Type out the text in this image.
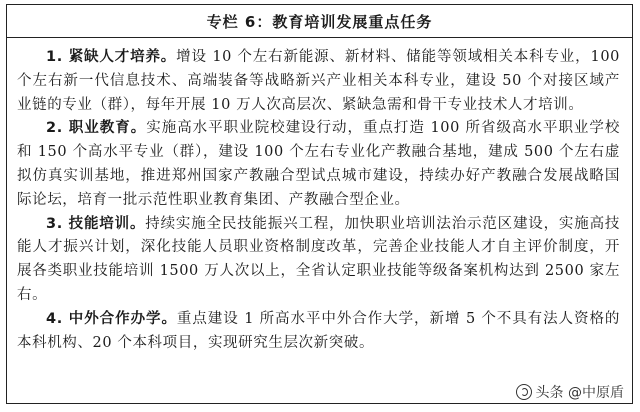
专栏 6：教育培训发展重点任务

1. 紧缺人才培养。增设 10 个左右新能源、新材料、储能等领域相关本科专业，100 个左右新一代信息技术、高端装备等战略新兴产业相关本科专业，建设 50 个对接区域产业链的专业（群），每年开展 10 万人次高层次、紧缺急需和骨干专业技术人才培训。

2. 职业教育。实施高水平职业院校建设行动，重点打造 100 所省级高水平职业学校和 150 个高水平专业（群），建设 100 个左右专业化产教融合基地，建成 500 个左右虚拟仿真实训基地，推进郑州国家产教融合型试点城市建设，持续办好产教融合发展战略国际论坛，培育一批示范性职业教育集团、产教融合型企业。

3. 技能培训。持续实施全民技能振兴工程，加快职业培训法治示范区建设，实施高技能人才振兴计划，深化技能人员职业资格制度改革，完善企业技能人才自主评价制度，开展各类职业技能培训 1500 万人次以上，全省认定职业技能等级备案机构达到 2500 家左右。

4. 中外合作办学。重点建设 1 所高水平中外合作大学，新增 5 个不具有法人资格的本科机构、20 个本科项目，实现研究生层次新突破。

头条 @中原盾
